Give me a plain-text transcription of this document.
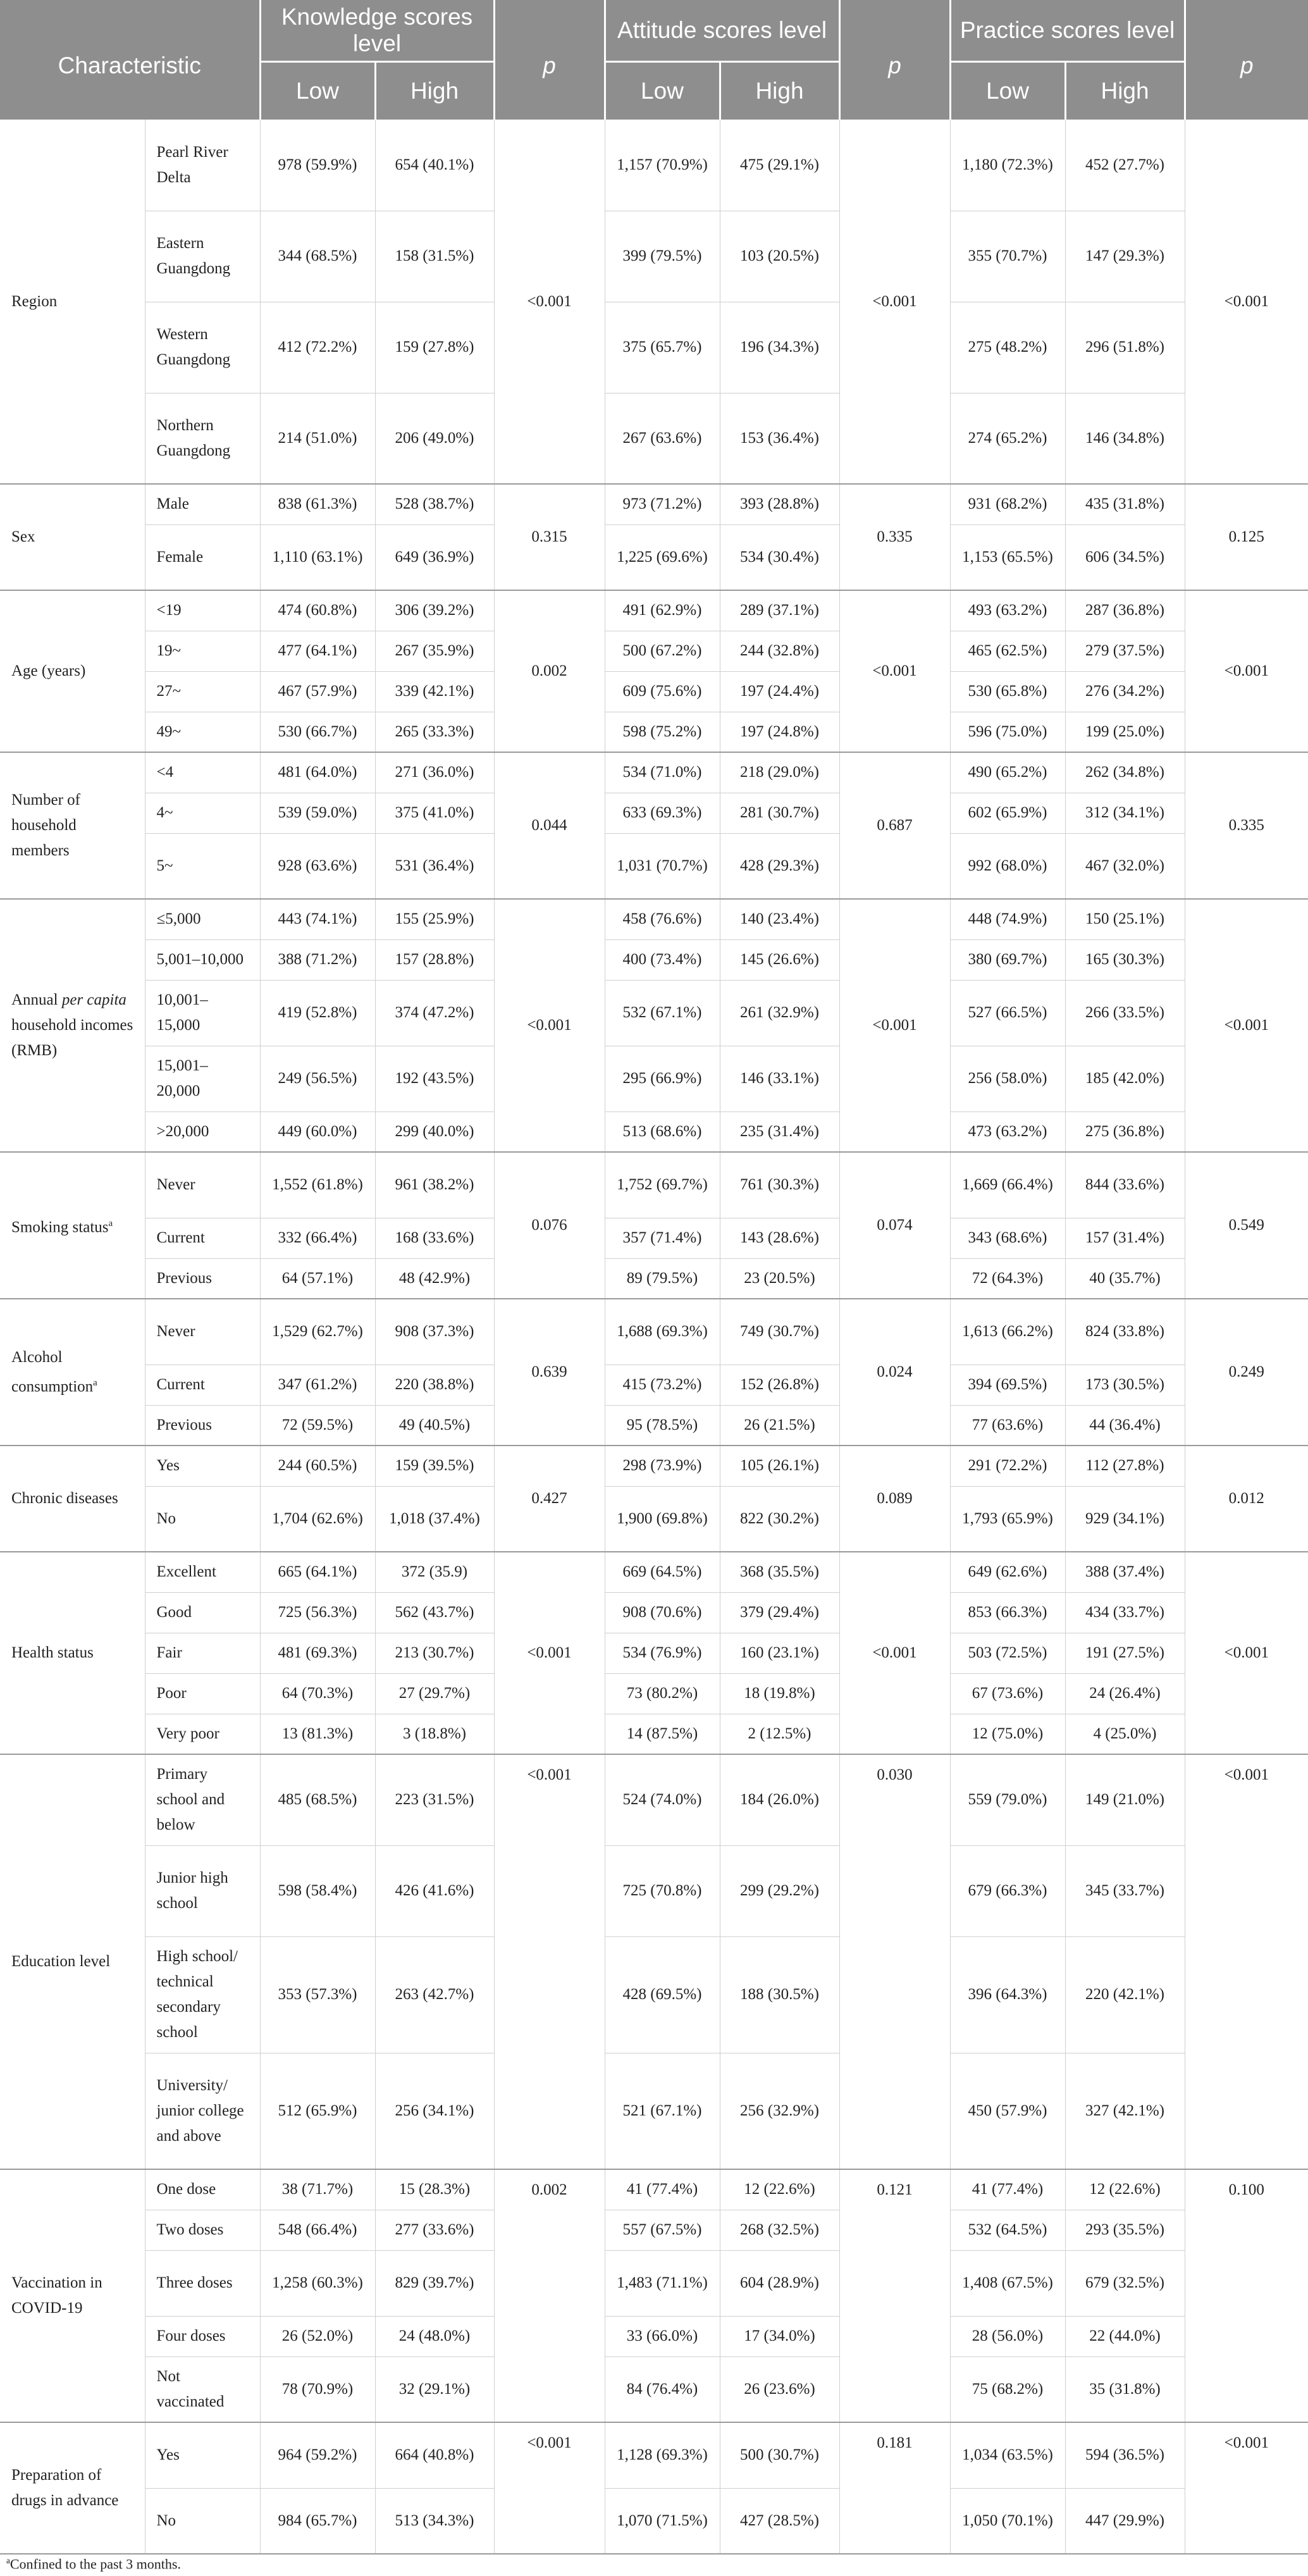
Characteristic		Knowledge scores level		p	Attitude scores level		p	Practice scores level		p
		Low	High		Low	High		Low	High	
Region	Pearl River Delta	978 (59.9%)	654 (40.1%)	<0.001	1,157 (70.9%)	475 (29.1%)	<0.001	1,180 (72.3%)	452 (27.7%)	<0.001
	Eastern Guangdong	344 (68.5%)	158 (31.5%)		399 (79.5%)	103 (20.5%)		355 (70.7%)	147 (29.3%)	
	Western Guangdong	412 (72.2%)	159 (27.8%)		375 (65.7%)	196 (34.3%)		275 (48.2%)	296 (51.8%)	
	Northern Guangdong	214 (51.0%)	206 (49.0%)		267 (63.6%)	153 (36.4%)		274 (65.2%)	146 (34.8%)	
Sex	Male	838 (61.3%)	528 (38.7%)	0.315	973 (71.2%)	393 (28.8%)	0.335	931 (68.2%)	435 (31.8%)	0.125
	Female	1,110 (63.1%)	649 (36.9%)		1,225 (69.6%)	534 (30.4%)		1,153 (65.5%)	606 (34.5%)	
Age (years)	<19	474 (60.8%)	306 (39.2%)	0.002	491 (62.9%)	289 (37.1%)	<0.001	493 (63.2%)	287 (36.8%)	<0.001
	19~	477 (64.1%)	267 (35.9%)		500 (67.2%)	244 (32.8%)		465 (62.5%)	279 (37.5%)	
	27~	467 (57.9%)	339 (42.1%)		609 (75.6%)	197 (24.4%)		530 (65.8%)	276 (34.2%)	
	49~	530 (66.7%)	265 (33.3%)		598 (75.2%)	197 (24.8%)		596 (75.0%)	199 (25.0%)	
Number of household members	<4	481 (64.0%)	271 (36.0%)	0.044	534 (71.0%)	218 (29.0%)	0.687	490 (65.2%)	262 (34.8%)	0.335
	4~	539 (59.0%)	375 (41.0%)		633 (69.3%)	281 (30.7%)		602 (65.9%)	312 (34.1%)	
	5~	928 (63.6%)	531 (36.4%)		1,031 (70.7%)	428 (29.3%)		992 (68.0%)	467 (32.0%)	
Annual per capita household incomes (RMB)	≤5,000	443 (74.1%)	155 (25.9%)	<0.001	458 (76.6%)	140 (23.4%)	<0.001	448 (74.9%)	150 (25.1%)	<0.001
	5,001–10,000	388 (71.2%)	157 (28.8%)		400 (73.4%)	145 (26.6%)		380 (69.7%)	165 (30.3%)	
	10,001–15,000	419 (52.8%)	374 (47.2%)		532 (67.1%)	261 (32.9%)		527 (66.5%)	266 (33.5%)	
	15,001–20,000	249 (56.5%)	192 (43.5%)		295 (66.9%)	146 (33.1%)		256 (58.0%)	185 (42.0%)	
	>20,000	449 (60.0%)	299 (40.0%)		513 (68.6%)	235 (31.4%)		473 (63.2%)	275 (36.8%)	
Smoking status$^a$	Never	1,552 (61.8%)	961 (38.2%)	0.076	1,752 (69.7%)	761 (30.3%)	0.074	1,669 (66.4%)	844 (33.6%)	0.549
	Current	332 (66.4%)	168 (33.6%)		357 (71.4%)	143 (28.6%)		343 (68.6%)	157 (31.4%)	
	Previous	64 (57.1%)	48 (42.9%)		89 (79.5%)	23 (20.5%)		72 (64.3%)	40 (35.7%)	
Alcohol consumption$^a$	Never	1,529 (62.7%)	908 (37.3%)	0.639	1,688 (69.3%)	749 (30.7%)	0.024	1,613 (66.2%)	824 (33.8%)	0.249
	Current	347 (61.2%)	220 (38.8%)		415 (73.2%)	152 (26.8%)		394 (69.5%)	173 (30.5%)	
	Previous	72 (59.5%)	49 (40.5%)		95 (78.5%)	26 (21.5%)		77 (63.6%)	44 (36.4%)	
Chronic diseases	Yes	244 (60.5%)	159 (39.5%)	0.427	298 (73.9%)	105 (26.1%)	0.089	291 (72.2%)	112 (27.8%)	0.012
	No	1,704 (62.6%)	1,018 (37.4%)		1,900 (69.8%)	822 (30.2%)		1,793 (65.9%)	929 (34.1%)	
Health status	Excellent	665 (64.1%)	372 (35.9)	<0.001	669 (64.5%)	368 (35.5%)	<0.001	649 (62.6%)	388 (37.4%)	<0.001
	Good	725 (56.3%)	562 (43.7%)		908 (70.6%)	379 (29.4%)		853 (66.3%)	434 (33.7%)	
	Fair	481 (69.3%)	213 (30.7%)		534 (76.9%)	160 (23.1%)		503 (72.5%)	191 (27.5%)	
	Poor	64 (70.3%)	27 (29.7%)		73 (80.2%)	18 (19.8%)		67 (73.6%)	24 (26.4%)	
	Very poor	13 (81.3%)	3 (18.8%)		14 (87.5%)	2 (12.5%)		12 (75.0%)	4 (25.0%)	
Education level	Primary school and below	485 (68.5%)	223 (31.5%)	<0.001	524 (74.0%)	184 (26.0%)	0.030	559 (79.0%)	149 (21.0%)	<0.001
	Junior high school	598 (58.4%)	426 (41.6%)		725 (70.8%)	299 (29.2%)		679 (66.3%)	345 (33.7%)	
	High school/ technical secondary school	353 (57.3%)	263 (42.7%)		428 (69.5%)	188 (30.5%)		396 (64.3%)	220 (42.1%)	
	University/ junior college and above	512 (65.9%)	256 (34.1%)		521 (67.1%)	256 (32.9%)		450 (57.9%)	327 (42.1%)	
Vaccination in COVID-19	One dose	38 (71.7%)	15 (28.3%)	0.002	41 (77.4%)	12 (22.6%)	0.121	41 (77.4%)	12 (22.6%)	0.100
	Two doses	548 (66.4%)	277 (33.6%)		557 (67.5%)	268 (32.5%)		532 (64.5%)	293 (35.5%)	
	Three doses	1,258 (60.3%)	829 (39.7%)		1,483 (71.1%)	604 (28.9%)		1,408 (67.5%)	679 (32.5%)	
	Four doses	26 (52.0%)	24 (48.0%)		33 (66.0%)	17 (34.0%)		28 (56.0%)	22 (44.0%)	
	Not vaccinated	78 (70.9%)	32 (29.1%)		84 (76.4%)	26 (23.6%)		75 (68.2%)	35 (31.8%)	
Preparation of drugs in advance	Yes	964 (59.2%)	664 (40.8%)	<0.001	1,128 (69.3%)	500 (30.7%)	0.181	1,034 (63.5%)	594 (36.5%)	<0.001
	No	984 (65.7%)	513 (34.3%)		1,070 (71.5%)	427 (28.5%)		1,050 (70.1%)	447 (29.9%)	
$^a$Confined to the past 3 months.
